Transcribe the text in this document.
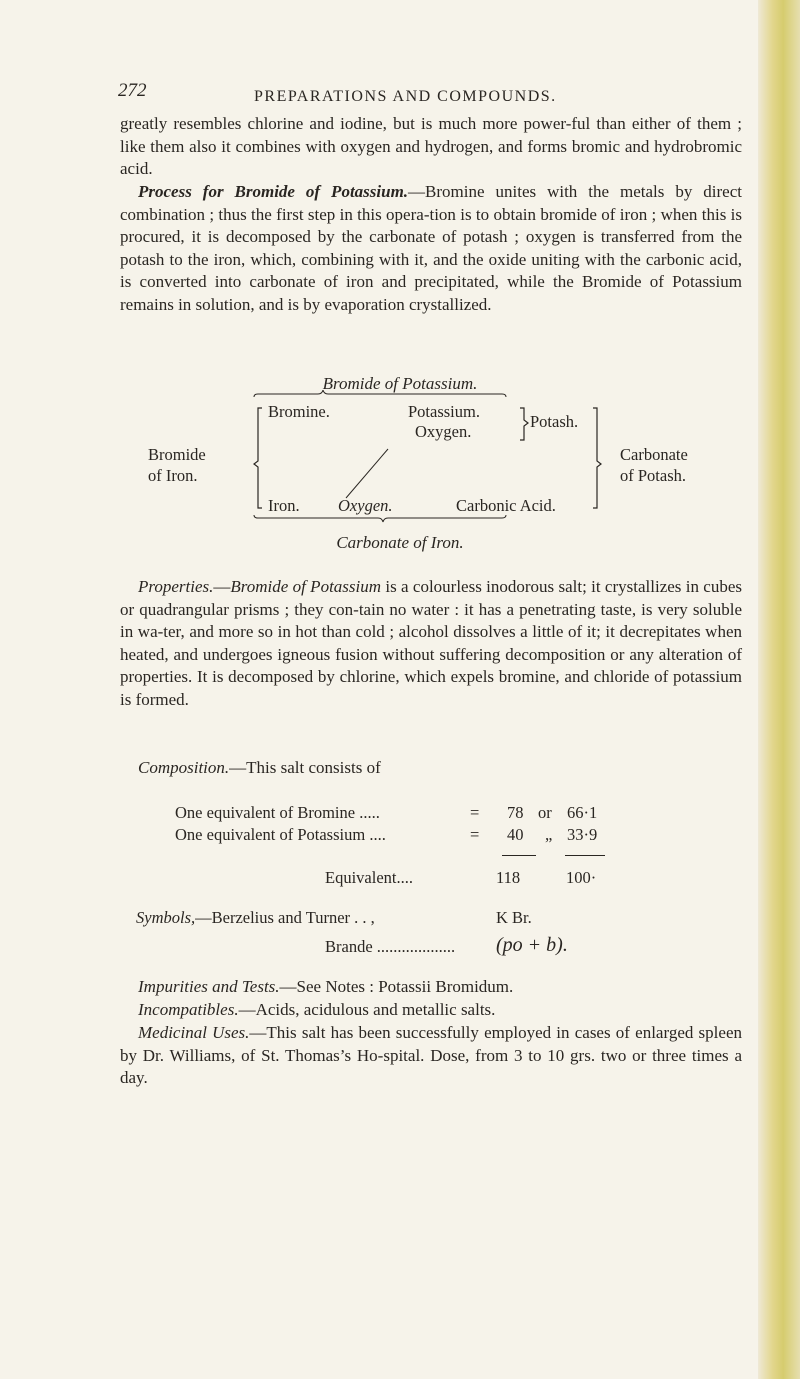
272	PREPARATIONS AND COMPOUNDS.
greatly resembles chlorine and iodine, but is much more power-ful than either of them ; like them also it combines with oxygen and hydrogen, and forms bromic and hydrobromic acid.
Process for Bromide of Potassium.—Bromine unites with the metals by direct combination ; thus the first step in this opera-tion is to obtain bromide of iron ; when this is procured, it is decomposed by the carbonate of potash ; oxygen is transferred from the potash to the iron, which, combining with it, and the oxide uniting with the carbonic acid, is converted into carbonate of iron and precipitated, while the Bromide of Potassium remains in solution, and is by evaporation crystallized.
Bromide of Potassium.
Bromide
of Iron.
Bromine.	Potassium.
Oxygen.
Potash.
Carbonate
of Potash.
Iron. Oxygen.	Carbonic Acid.
Carbonate of Iron.
Properties.—Bromide of Potassium is a colourless inodorous salt; it crystallizes in cubes or quadrangular prisms ; they con-tain no water : it has a penetrating taste, is very soluble in wa-ter, and more so in hot than cold ; alcohol dissolves a little of it; it decrepitates when heated, and undergoes igneous fusion without suffering decomposition or any alteration of properties. It is decomposed by chlorine, which expels bromine, and chloride of potassium is formed.
Composition.—This salt consists of
One equivalent of Bromine .....	= 78 or 66·1
One equivalent of Potassium ....	= 40 „ 33·9
Equivalent....	118	100·
Symbols,—Berzelius and Turner . . ,	K Br.
Brande ................... (po + b).
Impurities and Tests.—See Notes : Potassii Bromidum.
Incompatibles.—Acids, acidulous and metallic salts.
Medicinal Uses.—This salt has been successfully employed in cases of enlarged spleen by Dr. Williams, of St. Thomas’s Ho-spital. Dose, from 3 to 10 grs. two or three times a day.
